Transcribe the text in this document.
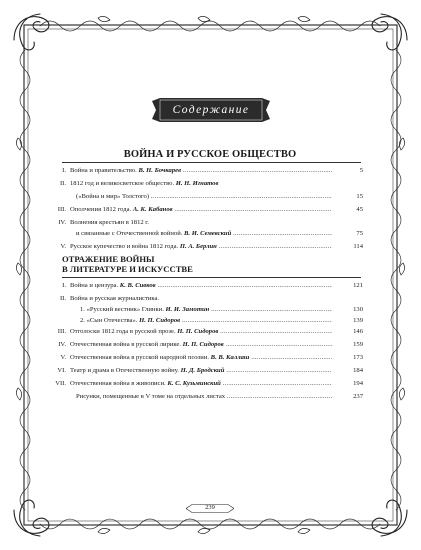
Содержание
ВОЙНА И РУССКОЕ ОБЩЕСТВО
I. Война и правительство. В. Н. Бочкарев .....	5
II. 1812 год и великосветское общество. И. Н. Игнатов
(«Война и мир» Толстого) .....	15
III. Ополчения 1812 года. А. К. Кабанов .....	45
IV. Волнения крестьян в 1812 г.
и связанные с Отечественной войной. В. И. Семевский .....	75
V. Русское купечество и война 1812 года. П. А. Берлин .....	114
ОТРАЖЕНИЕ ВОЙНЫ
В ЛИТЕРАТУРЕ И ИСКУССТВЕ
I. Война и цензура. К. В. Сивков .....	121
II. Война и русская журналистика.
1. «Русский вестник» Глинки. И. И. Замотин .....	130
2. «Сын Отечества». Н. П. Сидоров .....	139
III. Отголоски 1812 года в русской прозе. Н. П. Сидоров .....	146
IV. Отечественная война в русской лирике. Н. П. Сидоров .....	159
V. Отечественная война в русской народной поэзии. В. В. Каллаш .....	173
VI. Театр и драма в Отечественную войну. Н. Д. Бродский .....	184
VII. Отечественная война в живописи. К. С. Кузьминский .....	194
Рисунки, помещенные в V томе на отдельных листах .....	237
239
